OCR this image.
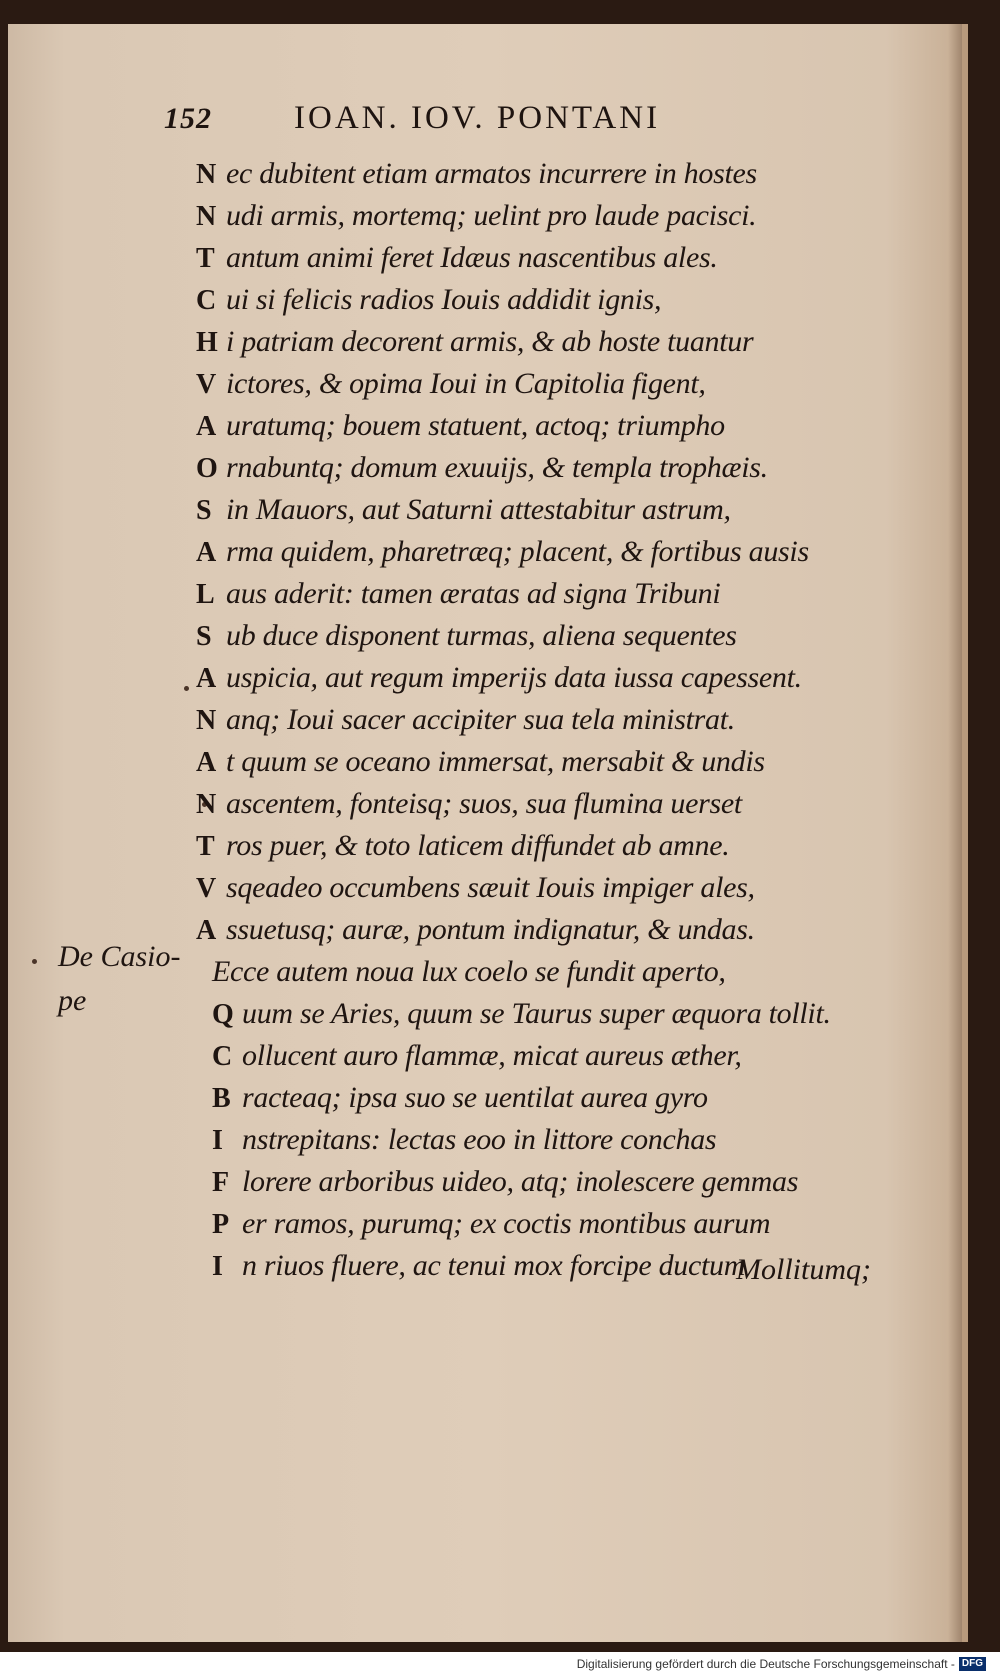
152	IOAN. IOV. PONTANI
N ec dubitent etiam armatos incurrere in hostes
N udi armis, mortemq; uelint pro laude pacisci.
T antum animi feret Idæus nascentibus ales.
C ui si felicis radios Iouis addidit ignis,
H i patriam decorent armis, & ab hoste tuantur
V ictores, & opima Ioui in Capitolia figent,
A uratumq; bouem statuent, actoq; triumpho
O rnabuntq; domum exuuijs, & templa trophæis.
S in Mauors, aut Saturni attestabitur astrum,
A rma quidem, pharetræq; placent, & fortibus ausis
L aus aderit: tamen æratas ad signa Tribuni
S ub duce disponent turmas, aliena sequentes
A uspicia, aut regum imperijs data iussa capessent.
N anq; Ioui sacer accipiter sua tela ministrat.
A t quum se oceano immersat, mersabit & undis
N ascentem, fonteisq; suos, sua flumina uerset
T ros puer, & toto laticem diffundet ab amne.
V sqeadeo occumbens sæuit Iouis impiger ales,
A ssuetusq; auræ, pontum indignatur, & undas.
Ecce autem noua lux coelo se fundit aperto,
Q uum se Aries, quum se Taurus super æquora tollit.
C ollucent auro flammæ, micat aureus æther,
B racteaq; ipsa suo se uentilat aurea gyro
I nstrepitans: lectas eoo in littore conchas
F lorere arboribus uideo, atq; inolescere gemmas
P er ramos, purumq; ex coctis montibus aurum
I n riuos fluere, ac tenui mox forcipe ductum
De Casio-
pe
Mollitumq;
Digitalisierung gefördert durch die Deutsche Forschungsgemeinschaft - DFG
